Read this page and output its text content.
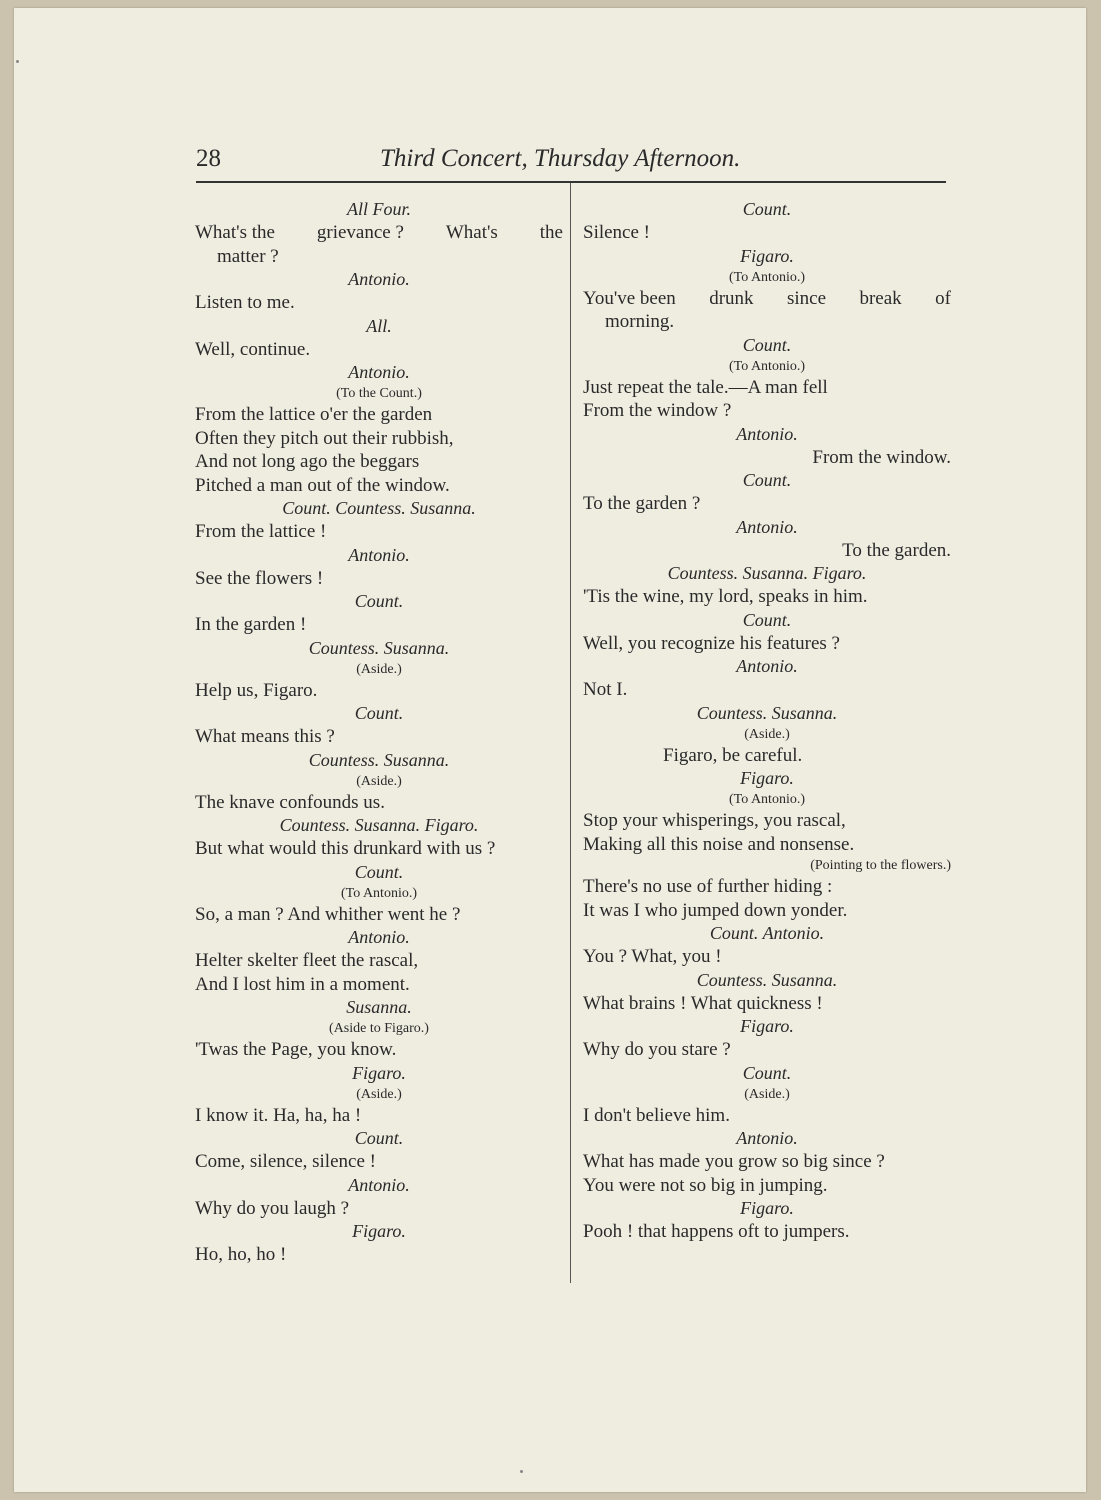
28	Third Concert, Thursday Afternoon.
All Four.
What's the grievance ? What's the
matter ?
Antonio.
Listen to me.
All.
Well, continue.
Antonio.
(To the Count.)
From the lattice o'er the garden
Often they pitch out their rubbish,
And not long ago the beggars
Pitched a man out of the window.
Count. Countess. Susanna.
From the lattice !
Antonio.
See the flowers !
Count.
In the garden !
Countess. Susanna.
(Aside.)
Help us, Figaro.
Count.
What means this ?
Countess. Susanna.
(Aside.)
The knave confounds us.
Countess. Susanna. Figaro.
But what would this drunkard with us ?
Count.
(To Antonio.)
So, a man ? And whither went he ?
Antonio.
Helter skelter fleet the rascal,
And I lost him in a moment.
Susanna.
(Aside to Figaro.)
'Twas the Page, you know.
Figaro.
(Aside.)
I know it. Ha, ha, ha !
Count.
Come, silence, silence !
Antonio.
Why do you laugh ?
Figaro.
Ho, ho, ho !
Count.
Silence !
Figaro.
(To Antonio.)
You've been drunk since break of
morning.
Count.
(To Antonio.)
Just repeat the tale.—A man fell
From the window ?
Antonio.
From the window.
Count.
To the garden ?
Antonio.
To the garden.
Countess. Susanna. Figaro.
'Tis the wine, my lord, speaks in him.
Count.
Well, you recognize his features ?
Antonio.
Not I.
Countess. Susanna.
(Aside.)
Figaro, be careful.
Figaro.
(To Antonio.)
Stop your whisperings, you rascal,
Making all this noise and nonsense.
(Pointing to the flowers.)
There's no use of further hiding :
It was I who jumped down yonder.
Count. Antonio.
You ? What, you !
Countess. Susanna.
What brains ! What quickness !
Figaro.
Why do you stare ?
Count.
(Aside.)
I don't believe him.
Antonio.
What has made you grow so big since ?
You were not so big in jumping.
Figaro.
Pooh ! that happens oft to jumpers.
